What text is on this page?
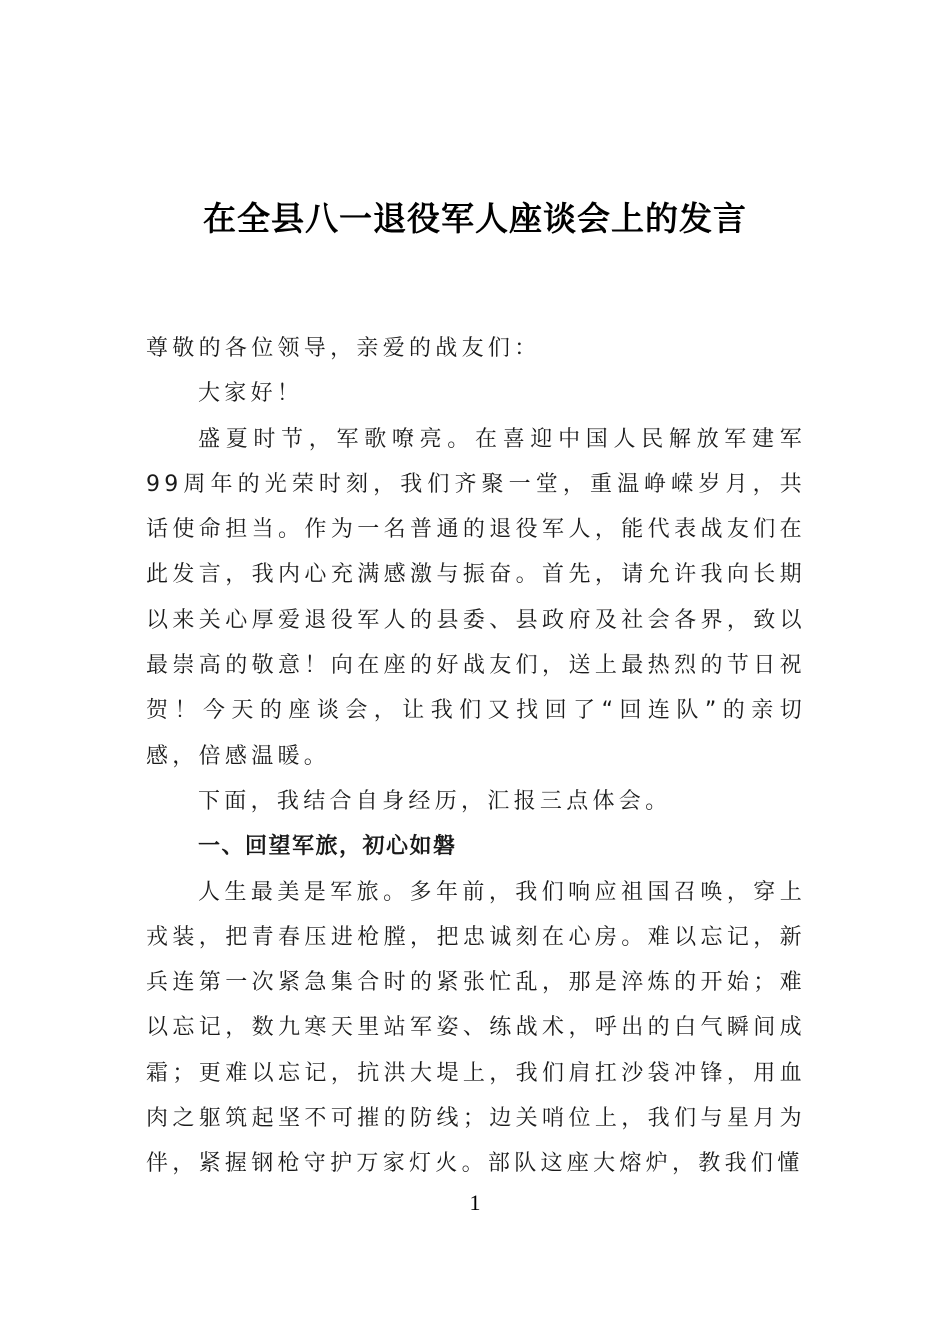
在全县八一退役军人座谈会上的发言

尊敬的各位领导，亲爱的战友们：

大家好！

盛夏时节，军歌嘹亮。在喜迎中国人民解放军建军99周年的光荣时刻，我们齐聚一堂，重温峥嵘岁月，共话使命担当。作为一名普通的退役军人，能代表战友们在此发言，我内心充满感激与振奋。首先，请允许我向长期以来关心厚爱退役军人的县委、县政府及社会各界，致以最崇高的敬意！向在座的好战友们，送上最热烈的节日祝贺！今天的座谈会，让我们又找回了“回连队”的亲切感，倍感温暖。

下面，我结合自身经历，汇报三点体会。

一、回望军旅，初心如磐

人生最美是军旅。多年前，我们响应祖国召唤，穿上戎装，把青春压进枪膛，把忠诚刻在心房。难以忘记，新兵连第一次紧急集合时的紧张忙乱，那是淬炼的开始；难以忘记，数九寒天里站军姿、练战术，呼出的白气瞬间成霜；更难以忘记，抗洪大堤上，我们肩扛沙袋冲锋，用血肉之躯筑起坚不可摧的防线；边关哨位上，我们与星月为伴，紧握钢枪守护万家灯火。部队这座大熔炉，教我们懂

1
